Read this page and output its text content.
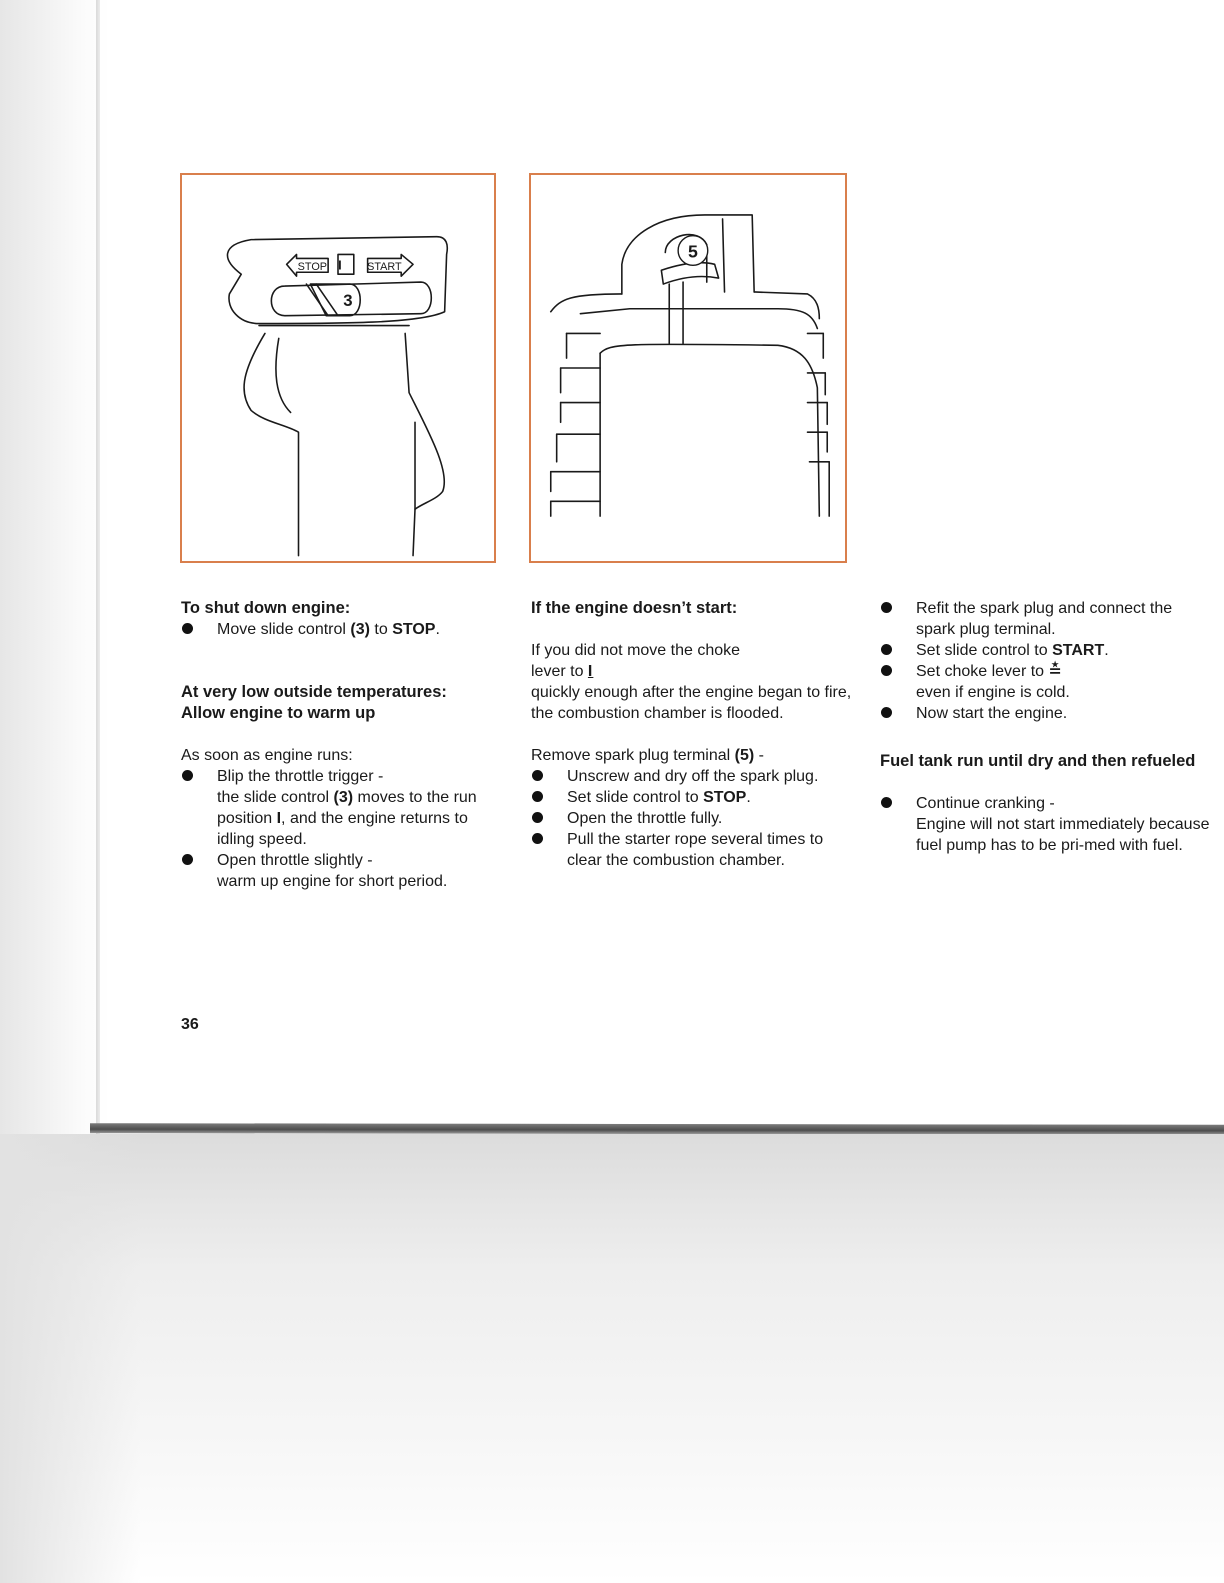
I
STOP	START
3
5

To shut down engine:

Move slide control (3) to STOP.

At very low outside temperatures:

Allow engine to warm up

As soon as engine runs:

Blip the throttle trigger -

the slide control (3) moves to the run position I, and the engine returns to idling speed.

Open throttle slightly -

warm up engine for short period.

If the engine doesn’t start:

If you did not move the choke

lever to I

quickly enough after the engine began to fire, the combustion chamber is flooded.

Remove spark plug terminal (5) -

Unscrew and dry off the spark plug.

Set slide control to STOP.

Open the throttle fully.

Pull the starter rope several times to clear the combustion chamber.

Refit the spark plug and connect the spark plug terminal.

Set slide control to START.

Set choke lever to ≛

even if engine is cold.

Now start the engine.

Fuel tank run until dry and then refueled

Continue cranking -

Engine will not start immediately because fuel pump has to be pri-med with fuel.

36
